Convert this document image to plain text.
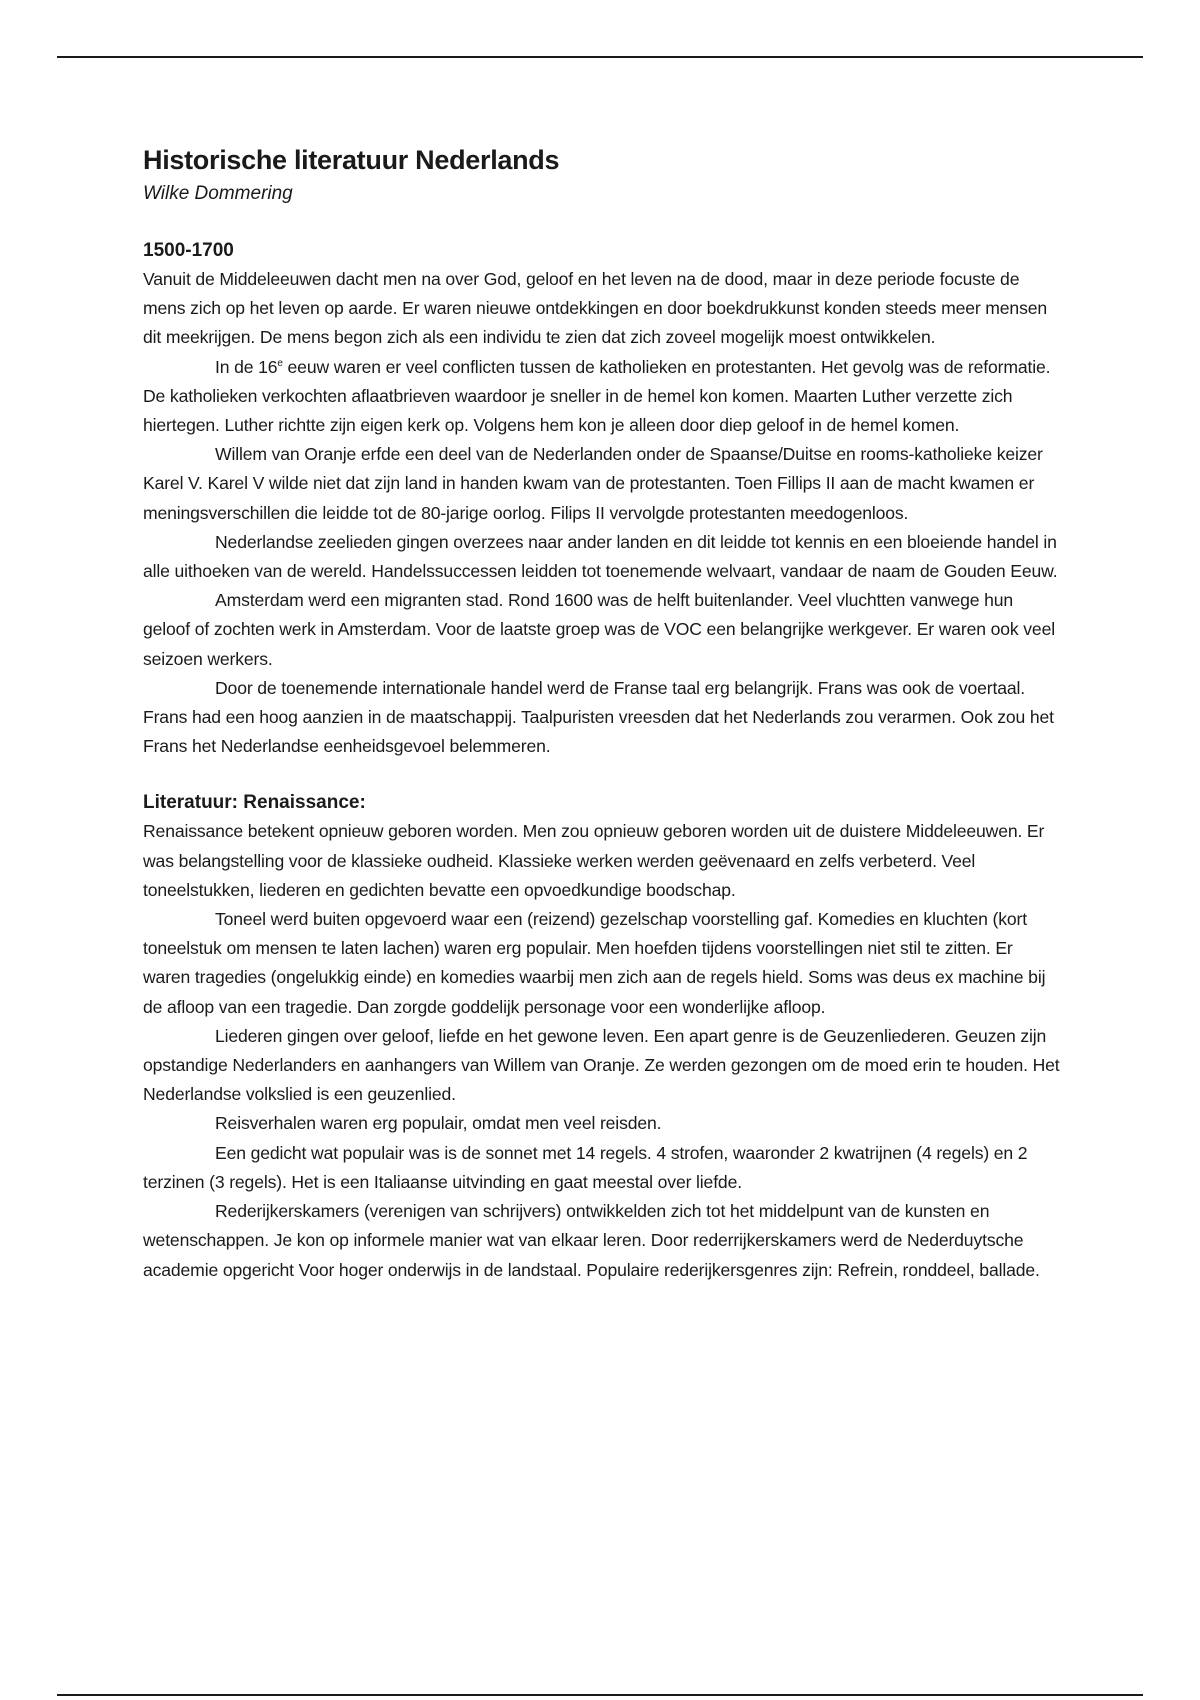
Historische literatuur Nederlands
Wilke Dommering
1500-1700

Vanuit de Middeleeuwen dacht men na over God, geloof en het leven na de dood, maar in deze periode focuste de mens zich op het leven op aarde. Er waren nieuwe ontdekkingen en door boekdrukkunst konden steeds meer mensen dit meekrijgen. De mens begon zich als een individu te zien dat zich zoveel mogelijk moest ontwikkelen.

In de 16e eeuw waren er veel conflicten tussen de katholieken en protestanten. Het gevolg was de reformatie. De katholieken verkochten aflaatbrieven waardoor je sneller in de hemel kon komen. Maarten Luther verzette zich hiertegen. Luther richtte zijn eigen kerk op. Volgens hem kon je alleen door diep geloof in de hemel komen.

Willem van Oranje erfde een deel van de Nederlanden onder de Spaanse/Duitse en rooms-katholieke keizer Karel V. Karel V wilde niet dat zijn land in handen kwam van de protestanten. Toen Fillips II aan de macht kwamen er meningsverschillen die leidde tot de 80-jarige oorlog. Filips II vervolgde protestanten meedogenloos.

Nederlandse zeelieden gingen overzees naar ander landen en dit leidde tot kennis en een bloeiende handel in alle uithoeken van de wereld. Handelssuccessen leidden tot toenemende welvaart, vandaar de naam de Gouden Eeuw.

Amsterdam werd een migranten stad. Rond 1600 was de helft buitenlander. Veel vluchtten vanwege hun geloof of zochten werk in Amsterdam. Voor de laatste groep was de VOC een belangrijke werkgever. Er waren ook veel seizoen werkers.

Door de toenemende internationale handel werd de Franse taal erg belangrijk. Frans was ook de voertaal. Frans had een hoog aanzien in de maatschappij. Taalpuristen vreesden dat het Nederlands zou verarmen. Ook zou het Frans het Nederlandse eenheidsgevoel belemmeren.

Literatuur: Renaissance:

Renaissance betekent opnieuw geboren worden. Men zou opnieuw geboren worden uit de duistere Middeleeuwen. Er was belangstelling voor de klassieke oudheid. Klassieke werken werden geëvenaard en zelfs verbeterd. Veel toneelstukken, liederen en gedichten bevatte een opvoedkundige boodschap.

Toneel werd buiten opgevoerd waar een (reizend) gezelschap voorstelling gaf. Komedies en kluchten (kort toneelstuk om mensen te laten lachen) waren erg populair. Men hoefden tijdens voorstellingen niet stil te zitten. Er waren tragedies (ongelukkig einde) en komedies waarbij men zich aan de regels hield. Soms was deus ex machine bij de afloop van een tragedie. Dan zorgde goddelijk personage voor een wonderlijke afloop.

Liederen gingen over geloof, liefde en het gewone leven. Een apart genre is de Geuzenliederen. Geuzen zijn opstandige Nederlanders en aanhangers van Willem van Oranje. Ze werden gezongen om de moed erin te houden. Het Nederlandse volkslied is een geuzenlied.

Reisverhalen waren erg populair, omdat men veel reisden.

Een gedicht wat populair was is de sonnet met 14 regels. 4 strofen, waaronder 2 kwatrijnen (4 regels) en 2 terzinen (3 regels). Het is een Italiaanse uitvinding en gaat meestal over liefde.

Rederijkerskamers (verenigen van schrijvers) ontwikkelden zich tot het middelpunt van de kunsten en wetenschappen. Je kon op informele manier wat van elkaar leren. Door rederrijkerskamers werd de Nederduytsche academie opgericht Voor hoger onderwijs in de landstaal. Populaire rederijkersgenres zijn: Refrein, ronddeel, ballade.
